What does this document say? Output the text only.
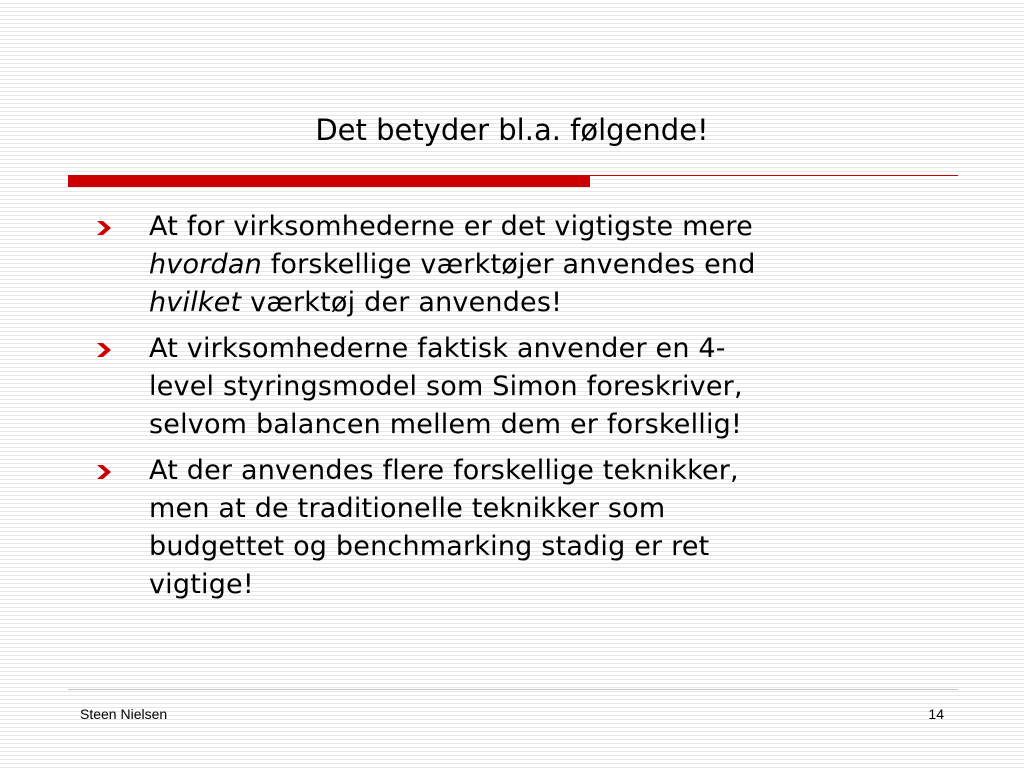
Det betyder bl.a. følgende!
At for virksomhederne er det vigtigste mere
hvordan forskellige værktøjer anvendes end
hvilket værktøj der anvendes!
At virksomhederne faktisk anvender en 4-
level styringsmodel som Simon foreskriver,
selvom balancen mellem dem er forskellig!
At der anvendes flere forskellige teknikker,
men at de traditionelle teknikker som
budgettet og benchmarking stadig er ret
vigtige!
Steen Nielsen	14
